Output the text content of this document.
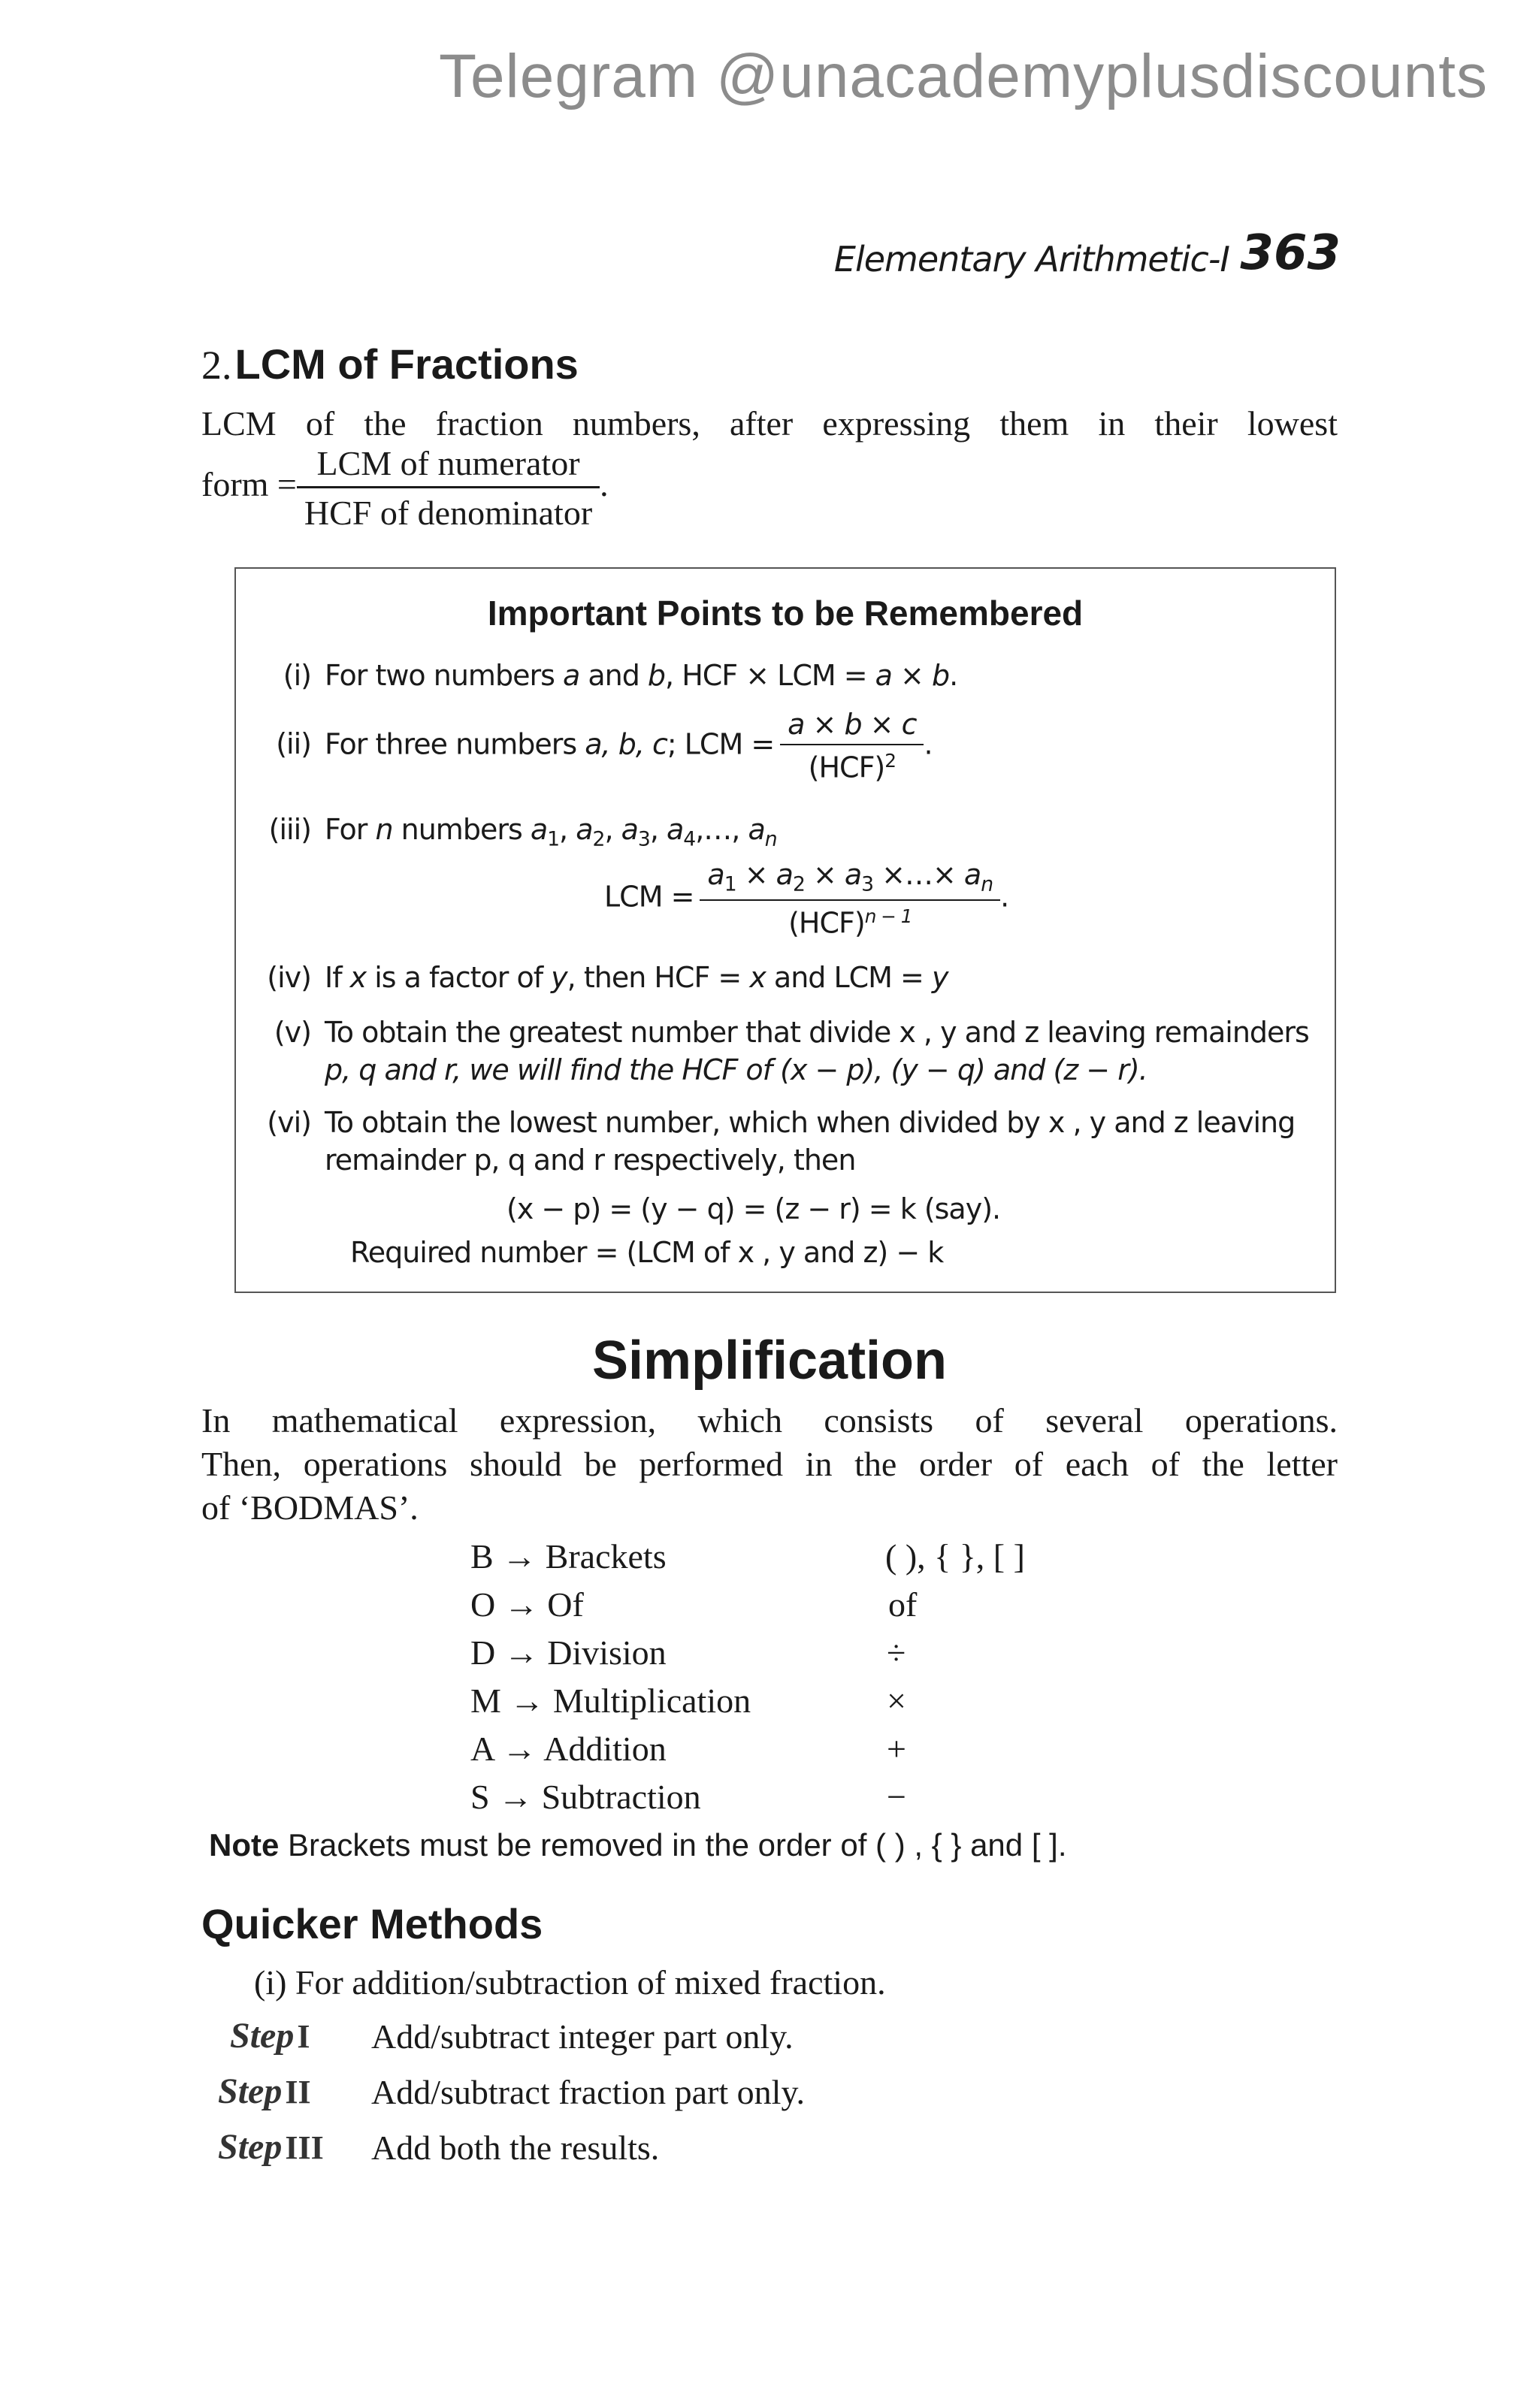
Telegram @unacademyplusdiscounts
Elementary Arithmetic-I 363
2. LCM of Fractions
LCM of the fraction numbers, after expressing them in their lowest
form = $\frac{\text{LCM of numerator}}{\text{HCF of denominator}}$ .
Important Points to be Remembered
(i) For two numbers a and b, HCF × LCM = a × b.
(ii) For three numbers a, b, c; LCM = $\frac{a \times b \times c}{(HCF)^2}$ .
(iii) For n numbers $a_1$, $a_2$, $a_3$, $a_4,\dots$, $a_n$
LCM = $\frac{a_1 \times a_2 \times a_3 \times\dots\times a_n}{(HCF)^{n - 1}}$ .
(iv) If x is a factor of y, then HCF = x and LCM = y
(v) To obtain the greatest number that divide x , y and z leaving remainders
p, q and r, we will find the HCF of (x − p), (y − q) and (z − r).
(vi) To obtain the lowest number, which when divided by x , y and z leaving
remainder p, q and r respectively, then
(x − p) = (y − q) = (z − r) = k (say).
Required number = (LCM of x , y and z) − k
Simplification
In mathematical expression, which consists of several operations.
Then, operations should be performed in the order of each of the letter
of ‘BODMAS’.
B → Brackets	( ), { }, [ ]
O → Of	of
D → Division	÷
M → Multiplication	×
A → Addition	+
S → Subtraction	−
Note Brackets must be removed in the order of ( ) , { } and [ ].
Quicker Methods
(i) For addition/subtraction of mixed fraction.
Step I Add/subtract integer part only.
Step II Add/subtract fraction part only.
Step III Add both the results.
